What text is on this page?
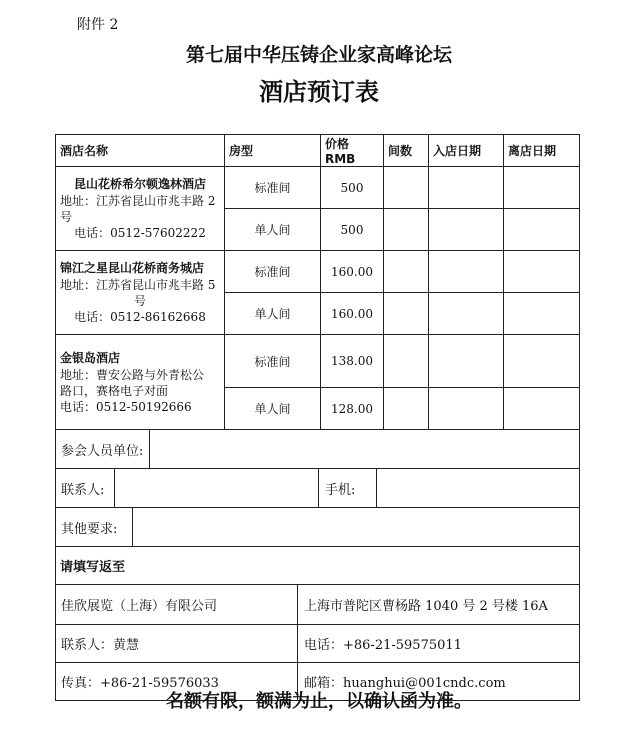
附件 2
第七届中华压铸企业家高峰论坛
酒店预订表
酒店名称	房型	价格 RMB	间数	入店日期	离店日期

昆山花桥希尔顿逸林酒店
地址：江苏省昆山市兆丰路 2
号
电话：0512-57602222	标准间	500			
	单人间	500			

锦江之星昆山花桥商务城店
地址：江苏省昆山市兆丰路 5
号
电话：0512-86162668	标准间	160.00			
	单人间	160.00			

金银岛酒店
地址：曹安公路与外青松公
路口，赛格电子对面
电话：0512-50192666	标准间	138.00			
	单人间	128.00			

参会人员单位:					

联系人: 手机:					

其他要求:					

请填写返至					

佳欣展览（上海）有限公司 上海市普陀区曹杨路 1040 号 2 号楼 16A					

联系人：黄慧 电话：+86-21-59575011					

传真：+86-21-59576033 邮箱：huanghui@001cndc.com					
名额有限，额满为止，以确认函为准。
